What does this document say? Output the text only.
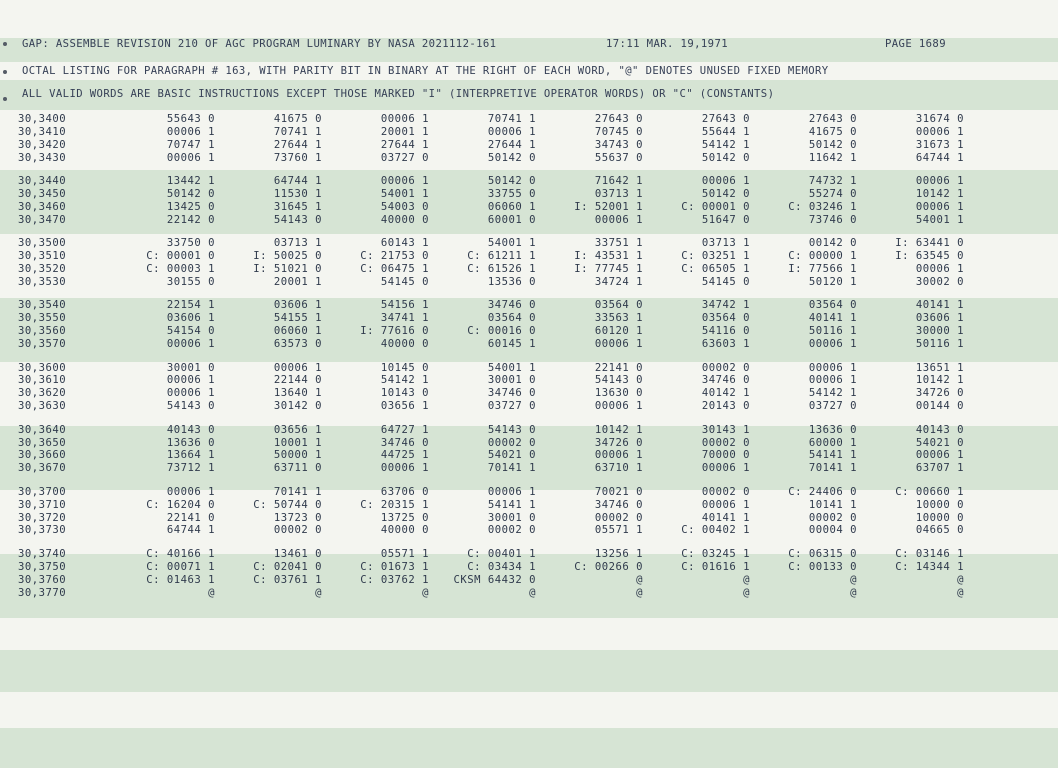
GAP: ASSEMBLE REVISION 210 OF AGC PROGRAM LUMINARY BY NASA 2021112-161	17:11 MAR. 19,1971	PAGE 1689
OCTAL LISTING FOR PARAGRAPH # 163, WITH PARITY BIT IN BINARY AT THE RIGHT OF EACH WORD, "@" DENOTES UNUSED FIXED MEMORY
ALL VALID WORDS ARE BASIC INSTRUCTIONS EXCEPT THOSE MARKED "I" (INTERPRETIVE OPERATOR WORDS) OR "C" (CONSTANTS)
30,3400	55643 0	41675 0	00006 1	70741 1	27643 0	27643 0	27643 0	31674 0
30,3410	00006 1	70741 1	20001 1	00006 1	70745 0	55644 1	41675 0	00006 1
30,3420	70747 1	27644 1	27644 1	27644 1	34743 0	54142 1	50142 0	31673 1
30,3430	00006 1	73760 1	03727 0	50142 0	55637 0	50142 0	11642 1	64744 1

30,3440	13442 1	64744 1	00006 1	50142 0	71642 1	00006 1	74732 1	00006 1
30,3450	50142 0	11530 1	54001 1	33755 0	03713 1	50142 0	55274 0	10142 1
30,3460	13425 0	31645 1	54003 0	06060 1	I: 52001 1	C: 00001 0	C: 03246 1	00006 1
30,3470	22142 0	54143 0	40000 0	60001 0	00006 1	51647 0	73746 0	54001 1

30,3500	33750 0	03713 1	60143 1	54001 1	33751 1	03713 1	00142 0	I: 63441 0
30,3510	C: 00001 0	I: 50025 0	C: 21753 0	C: 61211 1	I: 43531 1	C: 03251 1	C: 00000 1	I: 63545 0
30,3520	C: 00003 1	I: 51021 0	C: 06475 1	C: 61526 1	I: 77745 1	C: 06505 1	I: 77566 1	00006 1
30,3530	30155 0	20001 1	54145 0	13536 0	34724 1	54145 0	50120 1	30002 0

30,3540	22154 1	03606 1	54156 1	34746 0	03564 0	34742 1	03564 0	40141 1
30,3550	03606 1	54155 1	34741 1	03564 0	33563 1	03564 0	40141 1	03606 1
30,3560	54154 0	06060 1	I: 77616 0	C: 00016 0	60120 1	54116 0	50116 1	30000 1
30,3570	00006 1	63573 0	40000 0	60145 1	00006 1	63603 1	00006 1	50116 1

30,3600	30001 0	00006 1	10145 0	54001 1	22141 0	00002 0	00006 1	13651 1
30,3610	00006 1	22144 0	54142 1	30001 0	54143 0	34746 0	00006 1	10142 1
30,3620	00006 1	13640 1	10143 0	34746 0	13630 0	40142 1	54142 1	34726 0
30,3630	54143 0	30142 0	03656 1	03727 0	00006 1	20143 0	03727 0	00144 0

30,3640	40143 0	03656 1	64727 1	54143 0	10142 1	30143 1	13636 0	40143 0
30,3650	13636 0	10001 1	34746 0	00002 0	34726 0	00002 0	60000 1	54021 0
30,3660	13664 1	50000 1	44725 1	54021 0	00006 1	70000 0	54141 1	00006 1
30,3670	73712 1	63711 0	00006 1	70141 1	63710 1	00006 1	70141 1	63707 1

30,3700	00006 1	70141 1	63706 0	00006 1	70021 0	00002 0	C: 24406 0	C: 00660 1
30,3710	C: 16204 0	C: 50744 0	C: 20315 1	54141 1	34746 0	00006 1	10141 1	10000 0
30,3720	22141 0	13723 0	13725 0	30001 0	00002 0	40141 1	00002 0	10000 0
30,3730	64744 1	00002 0	40000 0	00002 0	05571 1	C: 00402 1	00004 0	04665 0

30,3740	C: 40166 1	13461 0	05571 1	C: 00401 1	13256 1	C: 03245 1	C: 06315 0	C: 03146 1
30,3750	C: 00071 1	C: 02041 0	C: 01673 1	C: 03434 1	C: 00266 0	C: 01616 1	C: 00133 0	C: 14344 1
30,3760	C: 01463 1	C: 03761 1	C: 03762 1	CKSM 64432 0	@	@	@	@
30,3770	@	@	@	@	@	@	@	@
